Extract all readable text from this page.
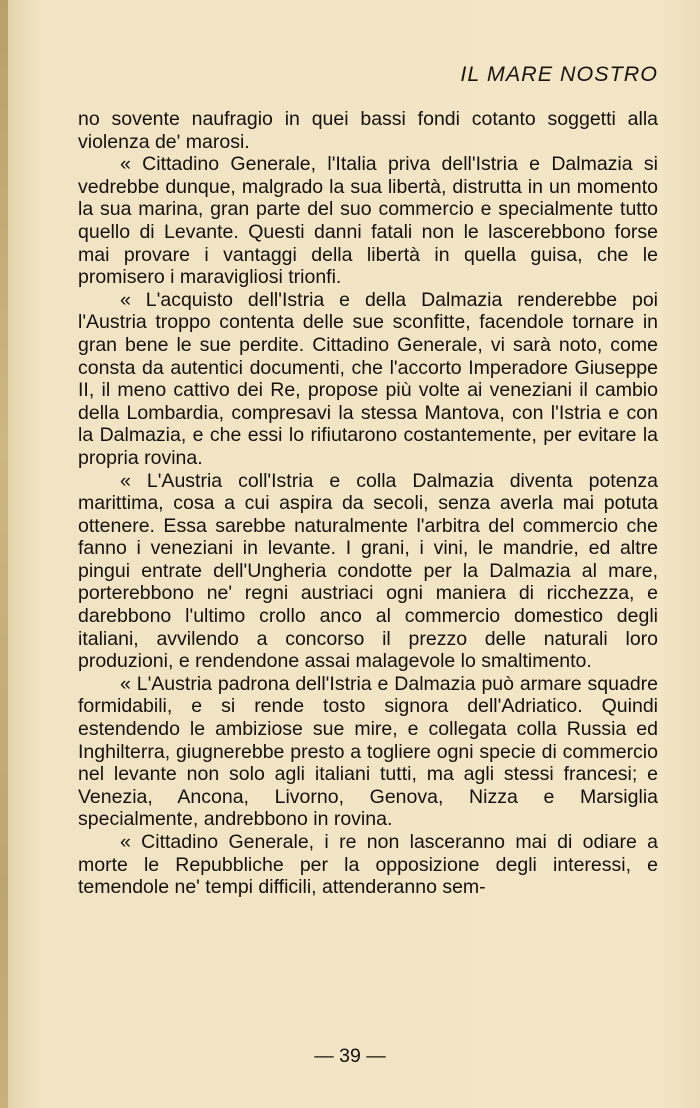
IL MARE NOSTRO

no sovente naufragio in quei bassi fondi cotanto soggetti alla violenza de' marosi.

« Cittadino Generale, l'Italia priva dell'Istria e Dalmazia si vedrebbe dunque, malgrado la sua libertà, distrutta in un momento la sua marina, gran parte del suo commercio e specialmente tutto quello di Levante. Questi danni fatali non le lascerebbono forse mai provare i vantaggi della libertà in quella guisa, che le promisero i maravigliosi trionfi.

« L'acquisto dell'Istria e della Dalmazia renderebbe poi l'Austria troppo contenta delle sue sconfitte, facendole tornare in gran bene le sue perdite. Cittadino Generale, vi sarà noto, come consta da autentici documenti, che l'accorto Imperadore Giuseppe II, il meno cattivo dei Re, propose più volte ai veneziani il cambio della Lombardia, compresavi la stessa Mantova, con l'Istria e con la Dalmazia, e che essi lo rifiutarono costantemente, per evitare la propria rovina.

« L'Austria coll'Istria e colla Dalmazia diventa potenza marittima, cosa a cui aspira da secoli, senza averla mai potuta ottenere. Essa sarebbe naturalmente l'arbitra del commercio che fanno i veneziani in levante. I grani, i vini, le mandrie, ed altre pingui entrate dell'Ungheria condotte per la Dalmazia al mare, porterebbono ne' regni austriaci ogni maniera di ricchezza, e darebbono l'ultimo crollo anco al commercio domestico degli italiani, avvilendo a concorso il prezzo delle naturali loro produzioni, e rendendone assai malagevole lo smaltimento.

« L'Austria padrona dell'Istria e Dalmazia può armare squadre formidabili, e si rende tosto signora dell'Adriatico. Quindi estendendo le ambiziose sue mire, e collegata colla Russia ed Inghilterra, giugnerebbe presto a togliere ogni specie di commercio nel levante non solo agli italiani tutti, ma agli stessi francesi; e Venezia, Ancona, Livorno, Genova, Nizza e Marsiglia specialmente, andrebbono in rovina.

« Cittadino Generale, i re non lasceranno mai di odiare a morte le Repubbliche per la opposizione degli interessi, e temendole ne' tempi difficili, attenderanno sem-

— 39 —
